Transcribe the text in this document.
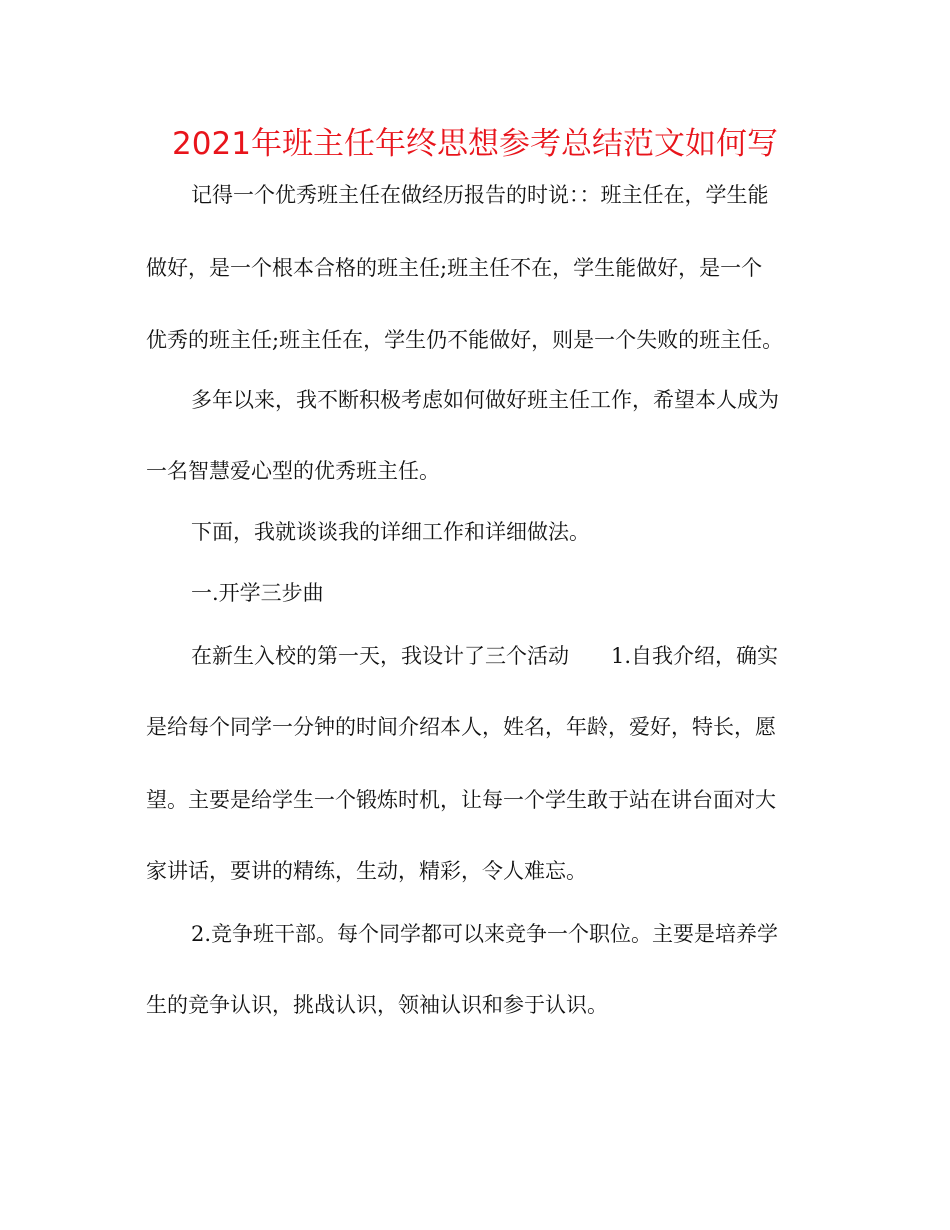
2021年班主任年终思想参考总结范文如何写
记得一个优秀班主任在做经历报告的时说：：班主任在，学生能
做好，是一个根本合格的班主任;班主任不在，学生能做好，是一个
优秀的班主任;班主任在，学生仍不能做好，则是一个失败的班主任。
多年以来，我不断积极考虑如何做好班主任工作，希望本人成为
一名智慧爱心型的优秀班主任。
下面，我就谈谈我的详细工作和详细做法。
一.开学三步曲
在新生入校的第一天，我设计了三个活动　　1.自我介绍，确实
是给每个同学一分钟的时间介绍本人，姓名，年龄，爱好，特长，愿
望。主要是给学生一个锻炼时机，让每一个学生敢于站在讲台面对大
家讲话，要讲的精练，生动，精彩，令人难忘。
2.竞争班干部。每个同学都可以来竞争一个职位。主要是培养学
生的竞争认识，挑战认识，领袖认识和参于认识。
